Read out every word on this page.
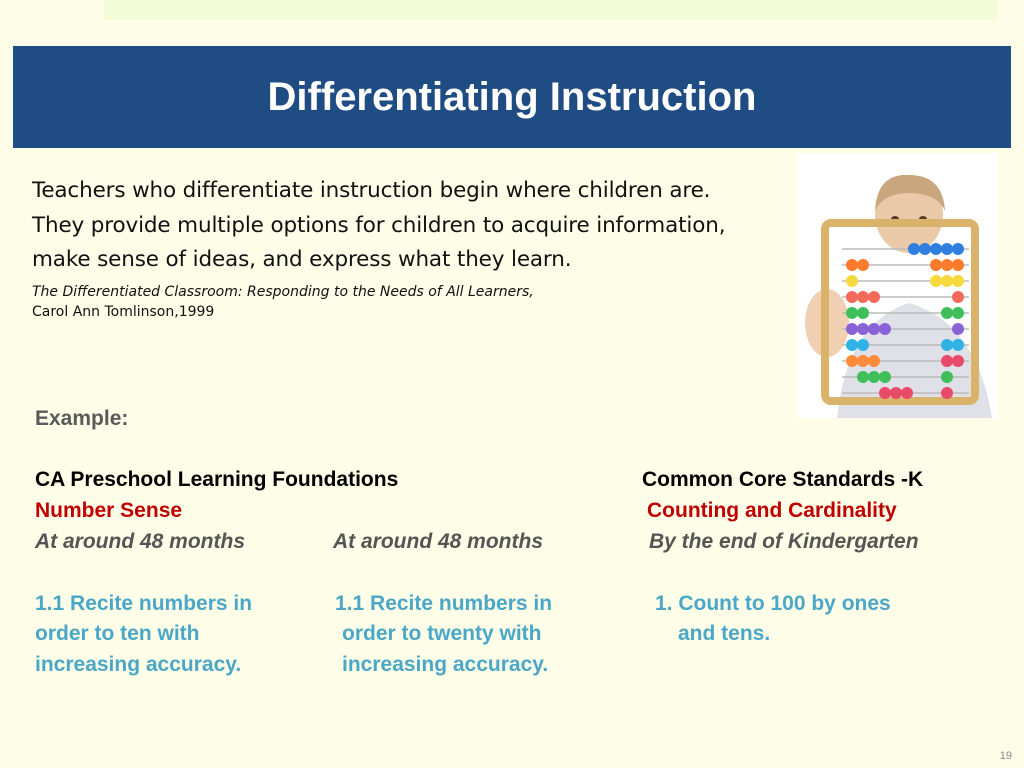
Differentiating Instruction

Teachers who differentiate instruction begin where children are.

They provide multiple options for children to acquire information,

make sense of ideas, and express what they learn.

The Differentiated Classroom: Responding to the Needs of All Learners,
Carol Ann Tomlinson,1999
Example:
CA Preschool Learning Foundations
Number Sense
At around 48 months	At around 48 months
1.1 Recite numbers in
order to ten with
increasing accuracy.
1.1 Recite numbers in
order to twenty with
increasing accuracy.
Common Core Standards -K
Counting and Cardinality
By the end of Kindergarten
1. Count to 100 by ones
and tens.
19
